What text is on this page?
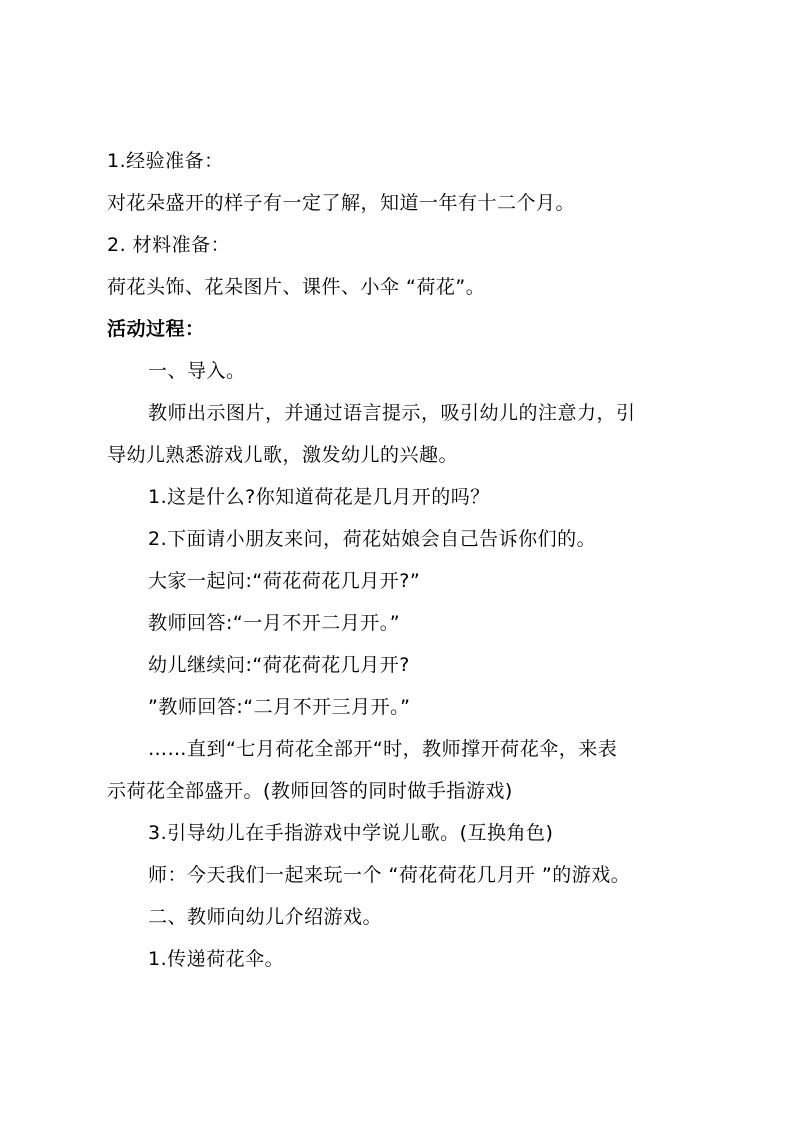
1.经验准备：
对花朵盛开的样子有一定了解，知道一年有十二个月。
2. 材料准备：
荷花头饰、花朵图片、课件、小伞 “荷花”。
活动过程：
一、导入。
教师出示图片，并通过语言提示，吸引幼儿的注意力，引
导幼儿熟悉游戏儿歌，激发幼儿的兴趣。
1.这是什么?你知道荷花是几月开的吗？
2.下面请小朋友来问，荷花姑娘会自己告诉你们的。
大家一起问:“荷花荷花几月开?”
教师回答:“一月不开二月开。”
幼儿继续问:“荷花荷花几月开?
”教师回答:“二月不开三月开。”
……直到“七月荷花全部开“时，教师撑开荷花伞，来表
示荷花全部盛开。(教师回答的同时做手指游戏)
3.引导幼儿在手指游戏中学说儿歌。(互换角色)
师：今天我们一起来玩一个 “荷花荷花几月开 ”的游戏。
二、教师向幼儿介绍游戏。
1.传递荷花伞。
